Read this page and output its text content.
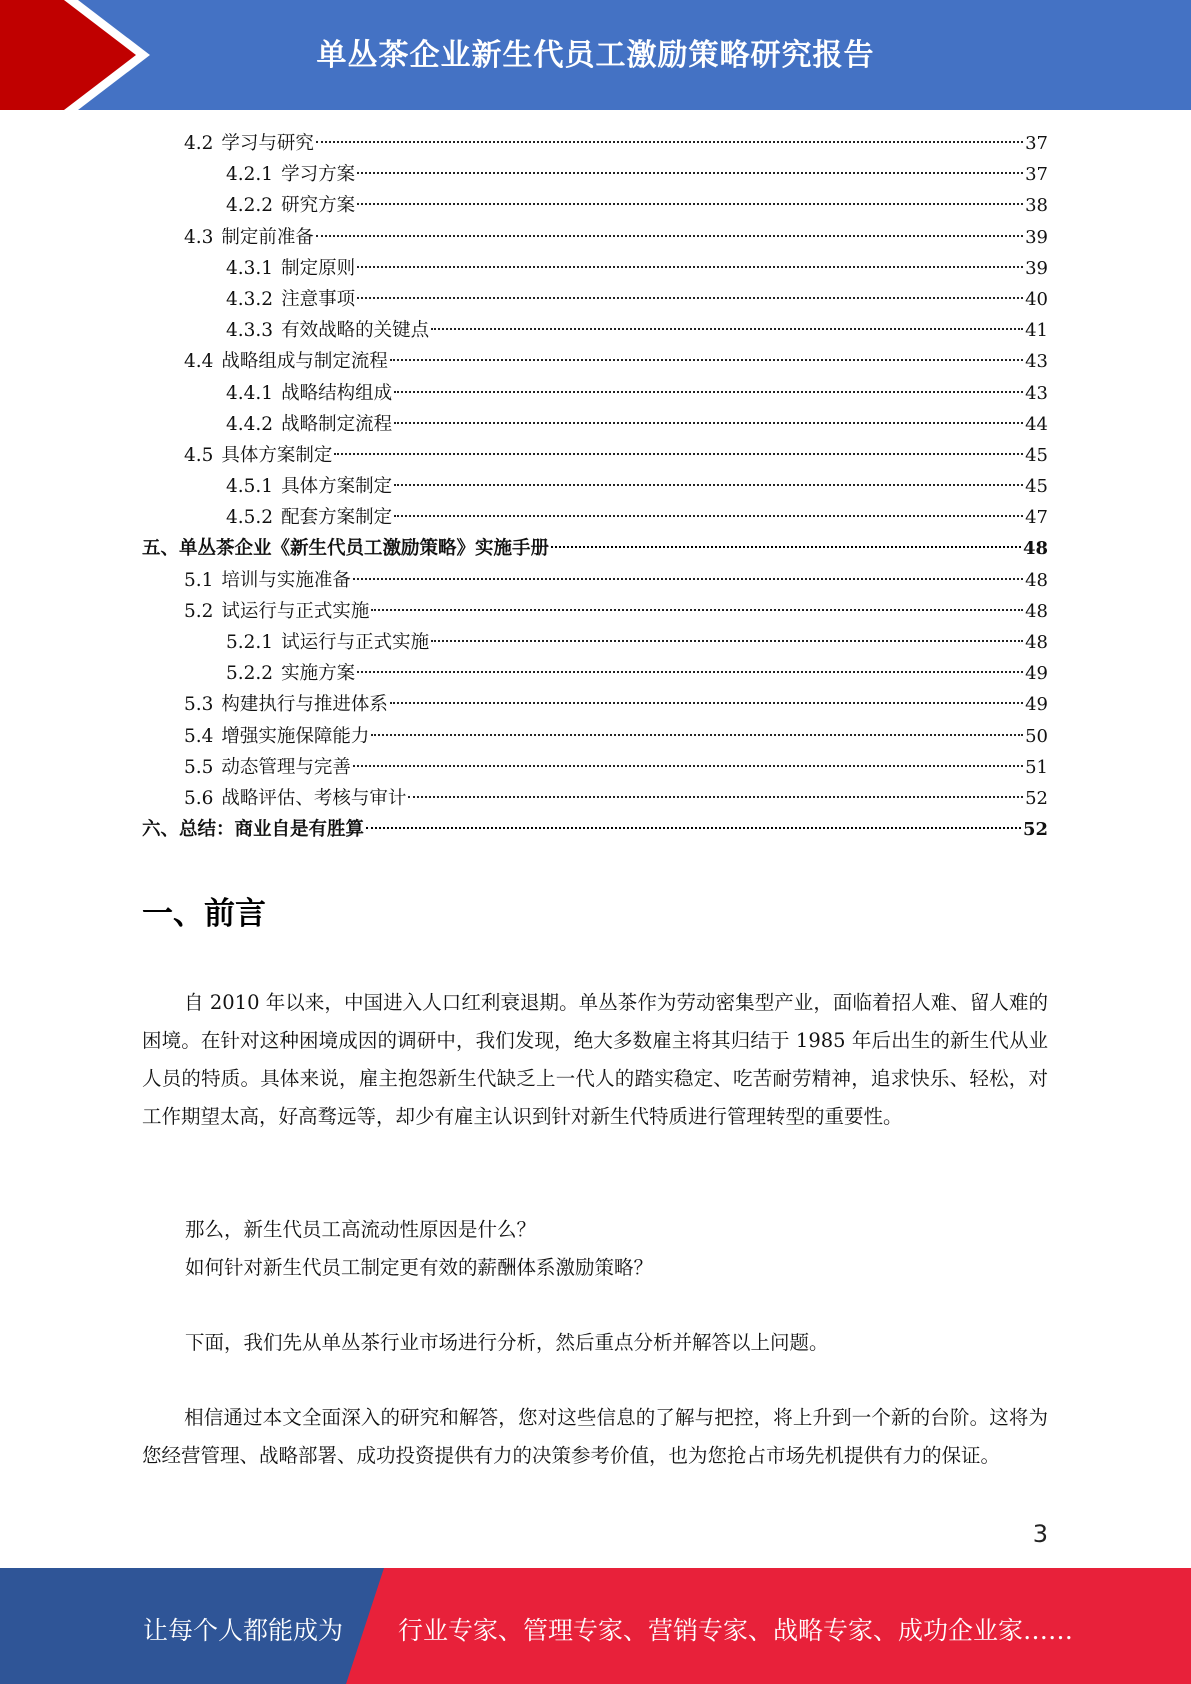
单丛茶企业新生代员工激励策略研究报告
4.2 学习与研究	37
4.2.1 学习方案	37
4.2.2 研究方案	38
4.3 制定前准备	39
4.3.1 制定原则	39
4.3.2 注意事项	40
4.3.3 有效战略的关键点	41
4.4 战略组成与制定流程	43
4.4.1 战略结构组成	43
4.4.2 战略制定流程	44
4.5 具体方案制定	45
4.5.1 具体方案制定	45
4.5.2 配套方案制定	47
五、单丛茶企业《新生代员工激励策略》实施手册	48
5.1 培训与实施准备	48
5.2 试运行与正式实施	48
5.2.1 试运行与正式实施	48
5.2.2 实施方案	49
5.3 构建执行与推进体系	49
5.4 增强实施保障能力	50
5.5 动态管理与完善	51
5.6 战略评估、考核与审计	52
六、总结：商业自是有胜算	52
一、前言
自 2010 年以来，中国进入人口红利衰退期。单丛茶作为劳动密集型产业，面临着招人难、留人难的困境。在针对这种困境成因的调研中，我们发现，绝大多数雇主将其归结于 1985 年后出生的新生代从业人员的特质。具体来说，雇主抱怨新生代缺乏上一代人的踏实稳定、吃苦耐劳精神，追求快乐、轻松，对工作期望太高，好高骛远等，却少有雇主认识到针对新生代特质进行管理转型的重要性。
那么，新生代员工高流动性原因是什么？
如何针对新生代员工制定更有效的薪酬体系激励策略？
下面，我们先从单丛茶行业市场进行分析，然后重点分析并解答以上问题。
相信通过本文全面深入的研究和解答，您对这些信息的了解与把控，将上升到一个新的台阶。这将为您经营管理、战略部署、成功投资提供有力的决策参考价值，也为您抢占市场先机提供有力的保证。
3
让每个人都能成为 行业专家、管理专家、营销专家、战略专家、成功企业家……
